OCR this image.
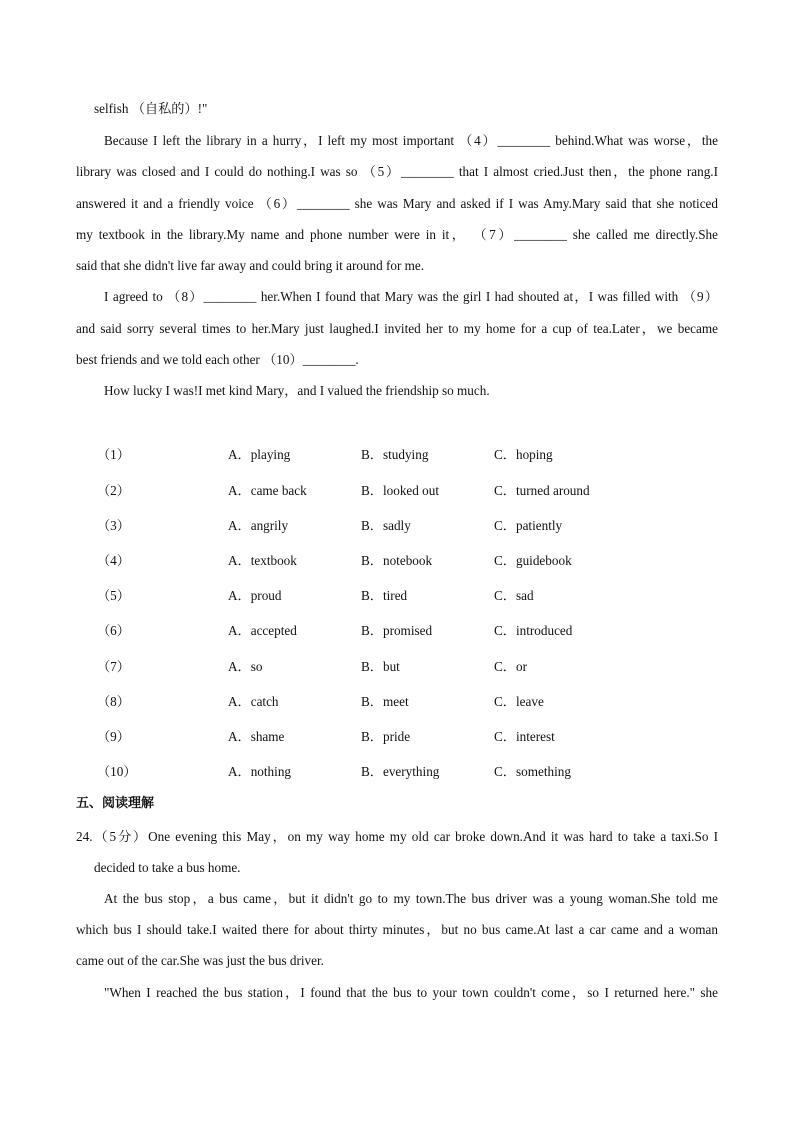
selfish （自私的）!"
Because I left the library in a hurry，I left my most important （4）________ behind.What was worse，the
library was closed and I could do nothing.I was so （5）________ that I almost cried.Just then，the phone rang.I
answered it and a friendly voice （6）________ she was Mary and asked if I was Amy.Mary said that she noticed
my textbook in the library.My name and phone number were in it， （7）________ she called me directly.She
said that she didn't live far away and could bring it around for me.
I agreed to （8）________ her.When I found that Mary was the girl I had shouted at，I was filled with （9）
and said sorry several times to her.Mary just laughed.I invited her to my home for a cup of tea.Later，we became
best friends and we told each other （10）________.
How lucky I was!I met kind Mary，and I valued the friendship so much.
（1）	A．playing	B．studying	C．hoping
（2）	A．came back	B．looked out	C．turned around
（3）	A．angrily	B．sadly	C．patiently
（4）	A．textbook	B．notebook	C．guidebook
（5）	A．proud	B．tired	C．sad
（6）	A．accepted	B．promised	C．introduced
（7）	A．so	B．but	C．or
（8）	A．catch	B．meet	C．leave
（9）	A．shame	B．pride	C．interest
（10）	A．nothing	B．everything	C．something
五、阅读理解
24.（5分）One evening this May，on my way home my old car broke down.And it was hard to take a taxi.So I
decided to take a bus home.
At the bus stop，a bus came，but it didn't go to my town.The bus driver was a young woman.She told me
which bus I should take.I waited there for about thirty minutes，but no bus came.At last a car came and a woman
came out of the car.She was just the bus driver.
"When I reached the bus station，I found that the bus to your town couldn't come，so I returned here." she
